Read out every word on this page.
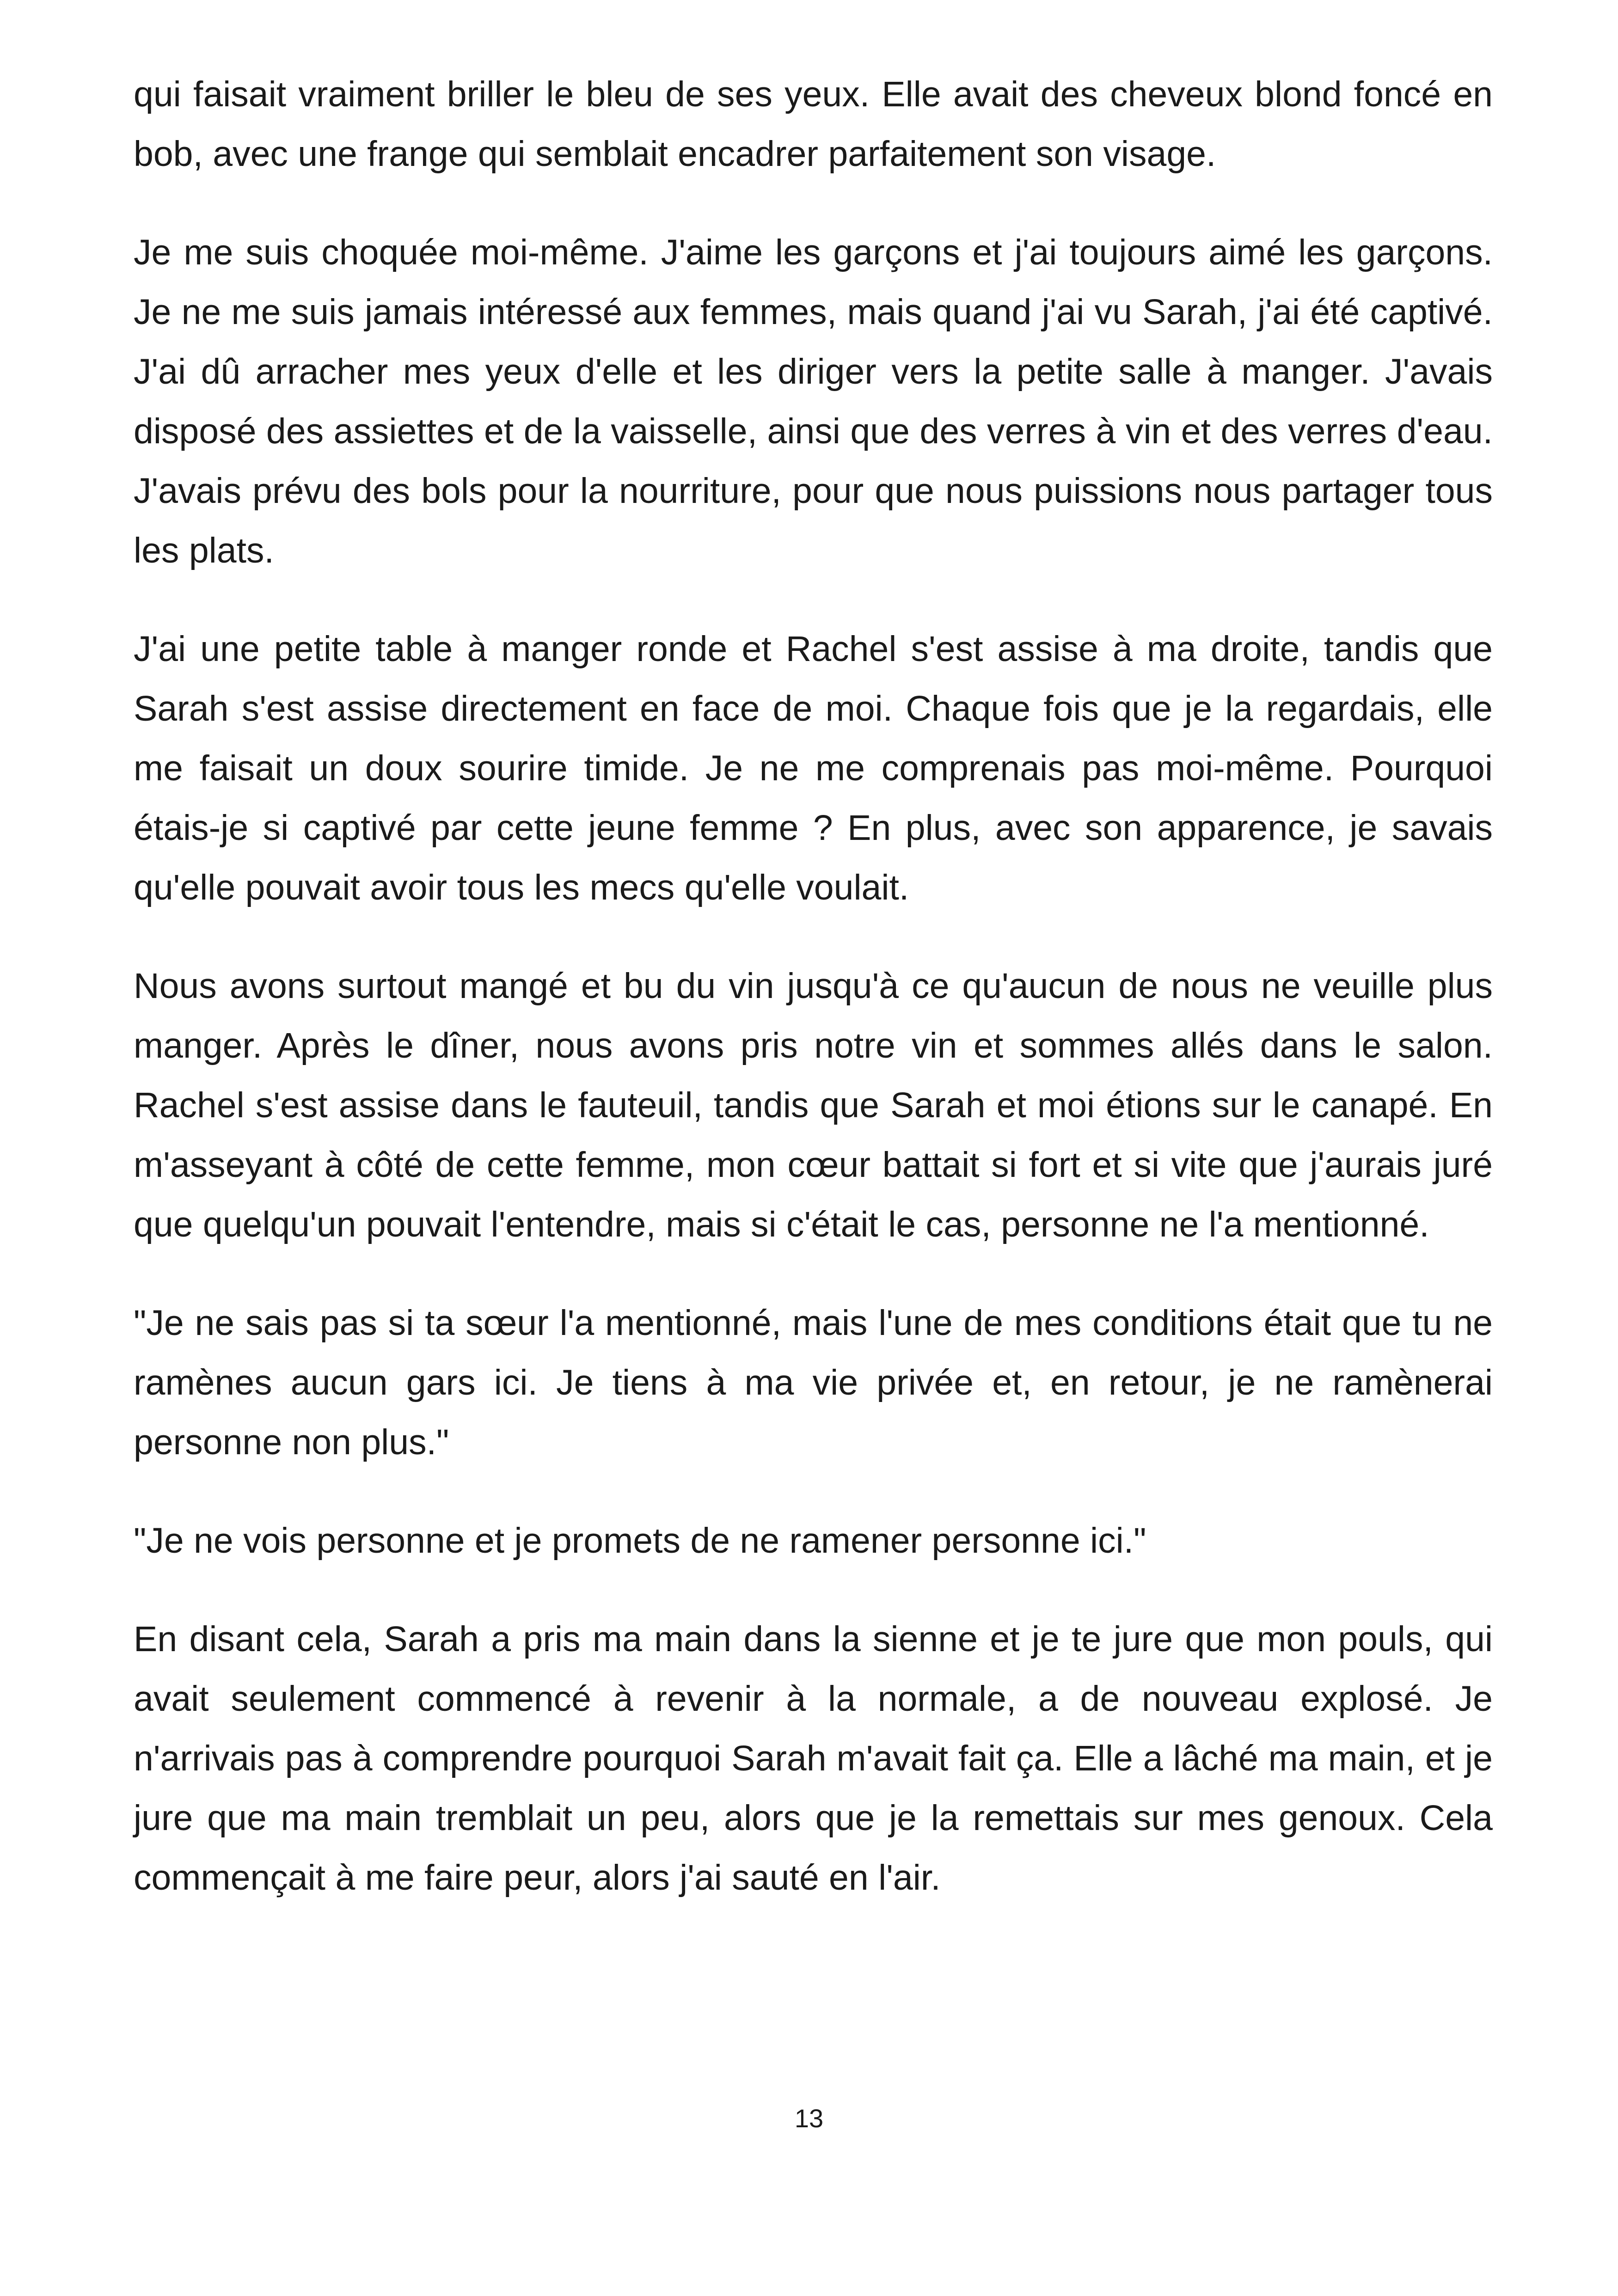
qui faisait vraiment briller le bleu de ses yeux. Elle avait des cheveux blond foncé en bob, avec une frange qui semblait encadrer parfaitement son visage.

Je me suis choquée moi-même. J'aime les garçons et j'ai toujours aimé les garçons. Je ne me suis jamais intéressé aux femmes, mais quand j'ai vu Sarah, j'ai été captivé. J'ai dû arracher mes yeux d'elle et les diriger vers la petite salle à manger. J'avais disposé des assiettes et de la vaisselle, ainsi que des verres à vin et des verres d'eau. J'avais prévu des bols pour la nourriture, pour que nous puissions nous partager tous les plats.

J'ai une petite table à manger ronde et Rachel s'est assise à ma droite, tandis que Sarah s'est assise directement en face de moi. Chaque fois que je la regardais, elle me faisait un doux sourire timide. Je ne me comprenais pas moi-même. Pourquoi étais-je si captivé par cette jeune femme ? En plus, avec son apparence, je savais qu'elle pouvait avoir tous les mecs qu'elle voulait.

Nous avons surtout mangé et bu du vin jusqu'à ce qu'aucun de nous ne veuille plus manger. Après le dîner, nous avons pris notre vin et sommes allés dans le salon. Rachel s'est assise dans le fauteuil, tandis que Sarah et moi étions sur le canapé. En m'asseyant à côté de cette femme, mon cœur battait si fort et si vite que j'aurais juré que quelqu'un pouvait l'entendre, mais si c'était le cas, personne ne l'a mentionné.

"Je ne sais pas si ta sœur l'a mentionné, mais l'une de mes conditions était que tu ne ramènes aucun gars ici. Je tiens à ma vie privée et, en retour, je ne ramènerai personne non plus."

"Je ne vois personne et je promets de ne ramener personne ici."

En disant cela, Sarah a pris ma main dans la sienne et je te jure que mon pouls, qui avait seulement commencé à revenir à la normale, a de nouveau explosé. Je n'arrivais pas à comprendre pourquoi Sarah m'avait fait ça. Elle a lâché ma main, et je jure que ma main tremblait un peu, alors que je la remettais sur mes genoux. Cela commençait à me faire peur, alors j'ai sauté en l'air.

13
